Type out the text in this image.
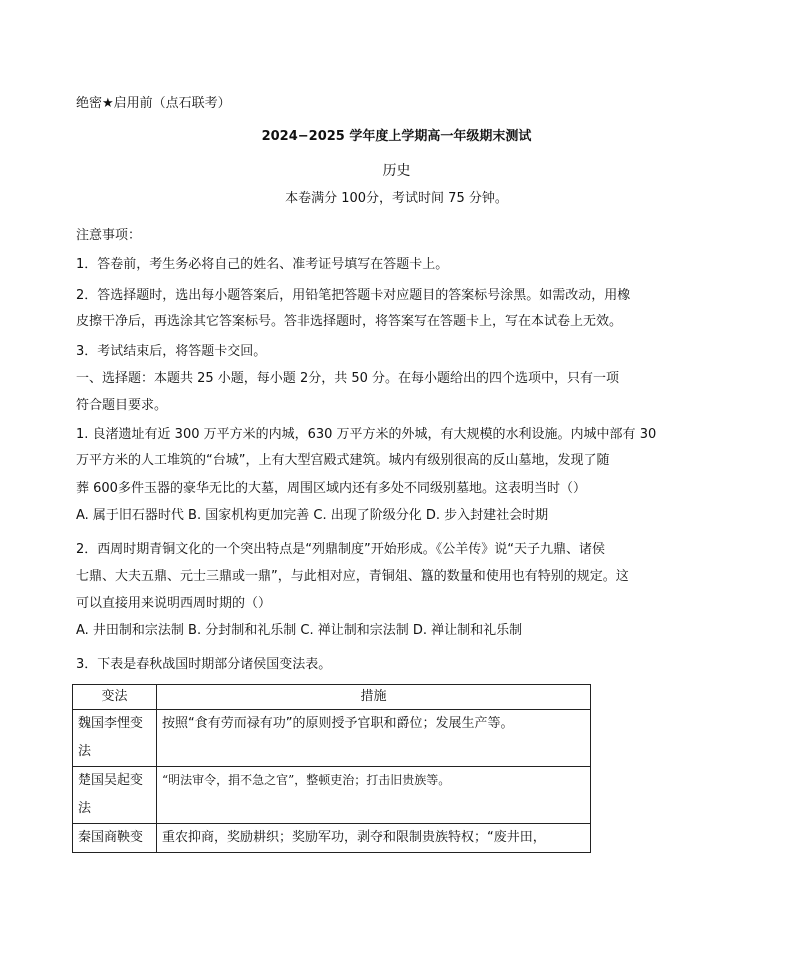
绝密★启用前（点石联考）
2024−2025 学年度上学期高一年级期末测试
历史
本卷满分 100分，考试时间 75 分钟。
注意事项：
1．答卷前，考生务必将自己的姓名、准考证号填写在答题卡上。
2．答选择题时，选出每小题答案后，用铅笔把答题卡对应题目的答案标号涂黑。如需改动，用橡
皮擦干净后，再选涂其它答案标号。答非选择题时，将答案写在答题卡上，写在本试卷上无效。
3．考试结束后，将答题卡交回。
一、选择题：本题共 25 小题，每小题 2分，共 50 分。在每小题给出的四个选项中，只有一项
符合题目要求。
1. 良渚遗址有近 300 万平方米的内城，630 万平方米的外城，有大规模的水利设施。内城中部有 30
万平方米的人工堆筑的“台城”，上有大型宫殿式建筑。城内有级别很高的反山墓地，发现了随
葬 600多件玉器的豪华无比的大墓，周围区域内还有多处不同级别墓地。这表明当时（）
A. 属于旧石器时代 B. 国家机构更加完善 C. 出现了阶级分化 D. 步入封建社会时期
2．西周时期青铜文化的一个突出特点是“列鼎制度”开始形成。《公羊传》说“天子九鼎、诸侯
七鼎、大夫五鼎、元士三鼎或一鼎”，与此相对应，青铜俎、簋的数量和使用也有特别的规定。这
可以直接用来说明西周时期的（）
A. 井田制和宗法制 B. 分封制和礼乐制 C. 禅让制和宗法制 D. 禅让制和礼乐制
3．下表是春秋战国时期部分诸侯国变法表。
变法	措施

魏国李悝变
法	按照“食有劳而禄有功”的原则授予官职和爵位；发展生产等。

楚国吴起变
法	“明法审令，捐不急之官”，整顿吏治；打击旧贵族等。

秦国商鞅变	重农抑商，奖励耕织；奖励军功，剥夺和限制贵族特权；“废井田，
